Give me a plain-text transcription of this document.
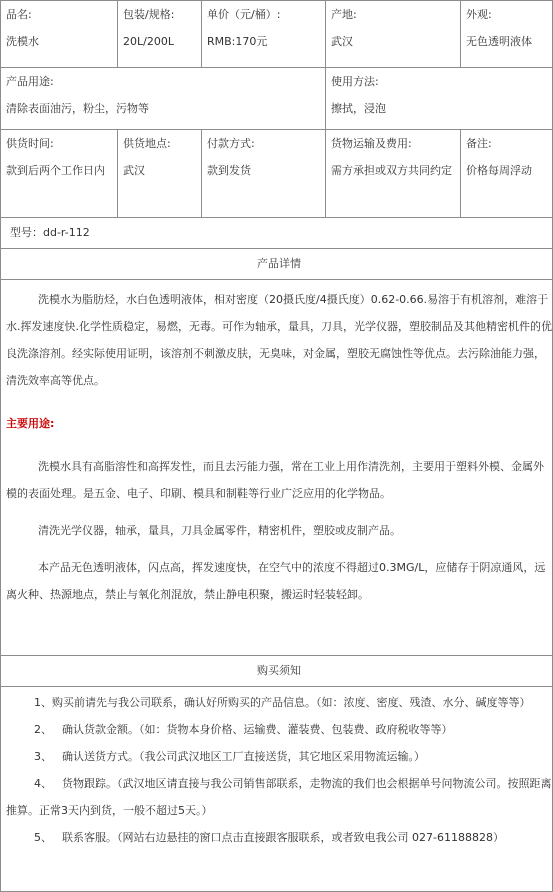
品名:
洗模水	包装/规格:
20L/200L	单价（元/桶）:
RMB:170元	产地:
武汉	外观:
无色透明液体

产品用途:
清除表面油污，粉尘，污物等			使用方法:
擦拭，浸泡	

供货时间:
款到后两个工作日内	供货地点:
武汉	付款方式:
款到发货	货物运输及费用:
需方承担或双方共同约定	备注:
价格每周浮动

型号：dd-r-112				
产品详情				

洗模水为脂肪烃，水白色透明液体，相对密度（20摄氏度/4摄氏度）0.62-0.66.易溶于有机溶剂，难溶于水.挥发速度快.化学性质稳定，易燃，无毒。可作为轴承，量具，刀具，光学仪器，塑胶制品及其他精密机件的优良洗涤溶剂。经实际使用证明，该溶剂不刺激皮肤，无臭味，对金属，塑胶无腐蚀性等优点。去污除油能力强，清洗效率高等优点。

主要用途:

洗模水具有高脂溶性和高挥发性，而且去污能力强，常在工业上用作清洗剂，主要用于塑料外模、金属外模的表面处理。是五金、电子、印刷、模具和制鞋等行业广泛应用的化学物品。

清洗光学仪器，轴承，量具，刀具金属零件，精密机件，塑胶或皮制产品。

本产品无色透明液体，闪点高，挥发速度快，在空气中的浓度不得超过0.3MG/L，应储存于阴凉通风，远离火种、热源地点，禁止与氧化剂混放，禁止静电积聚，搬运时轻装轻卸。				

购买须知				

1、购买前请先与我公司联系，确认好所购买的产品信息。（如：浓度、密度、残渣、水分、碱度等等）

2、 确认货款金额。（如：货物本身价格、运输费、灌装费、包装费、政府税收等等）

3、 确认送货方式。（我公司武汉地区工厂直接送货，其它地区采用物流运输。）

4、 货物跟踪。（武汉地区请直接与我公司销售部联系，走物流的我们也会根据单号问物流公司。按照距离推算。正常3天内到货，一般不超过5天。）

5、 联系客服。（网站右边悬挂的窗口点击直接跟客服联系，或者致电我公司 027-61188828）				
